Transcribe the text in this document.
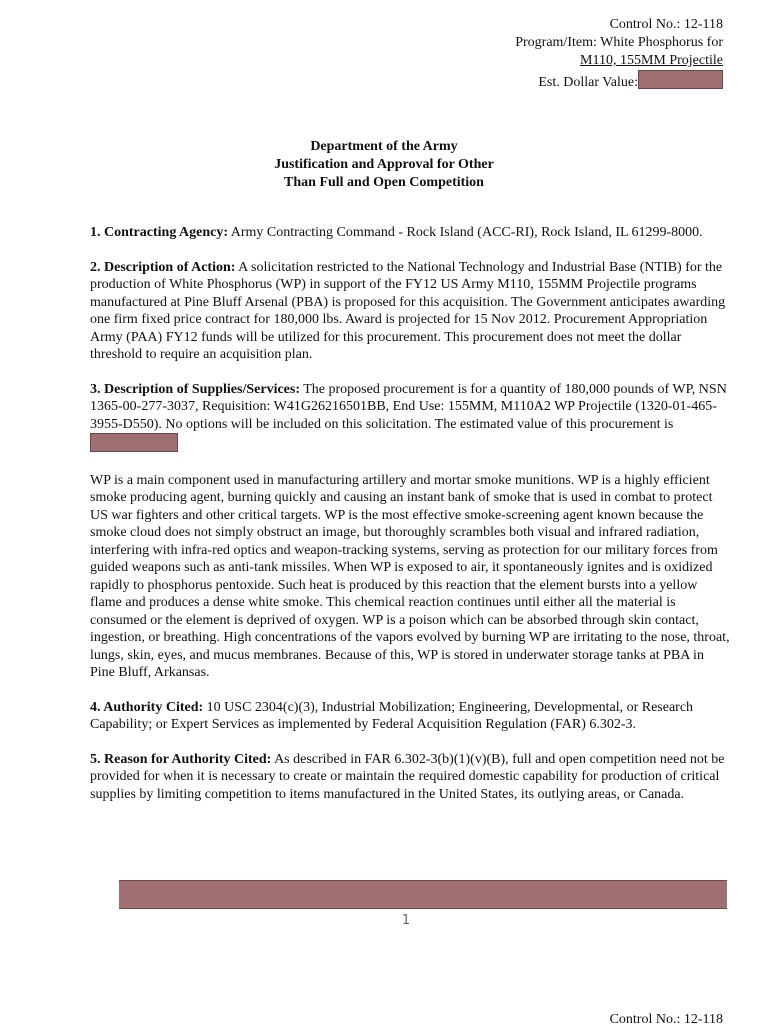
Control No.: 12-118
Program/Item: White Phosphorus for
M110, 155MM Projectile
Est. Dollar Value:
Department of the Army
Justification and Approval for Other
Than Full and Open Competition

1. Contracting Agency: Army Contracting Command - Rock Island (ACC-RI), Rock Island, IL 61299-8000.

2. Description of Action: A solicitation restricted to the National Technology and Industrial Base (NTIB) for the production of White Phosphorus (WP) in support of the FY12 US Army M110, 155MM Projectile programs manufactured at Pine Bluff Arsenal (PBA) is proposed for this acquisition. The Government anticipates awarding one firm fixed price contract for 180,000 lbs. Award is projected for 15 Nov 2012. Procurement Appropriation Army (PAA) FY12 funds will be utilized for this procurement. This procurement does not meet the dollar threshold to require an acquisition plan.

3. Description of Supplies/Services: The proposed procurement is for a quantity of 180,000 pounds of WP, NSN 1365-00-277-3037, Requisition: W41G26216501BB, End Use: 155MM, M110A2 WP Projectile (1320-01-465-3955-D550). No options will be included on this solicitation. The estimated value of this procurement is

WP is a main component used in manufacturing artillery and mortar smoke munitions. WP is a highly efficient smoke producing agent, burning quickly and causing an instant bank of smoke that is used in combat to protect US war fighters and other critical targets. WP is the most effective smoke-screening agent known because the smoke cloud does not simply obstruct an image, but thoroughly scrambles both visual and infrared radiation, interfering with infra-red optics and weapon-tracking systems, serving as protection for our military forces from guided weapons such as anti-tank missiles. When WP is exposed to air, it spontaneously ignites and is oxidized rapidly to phosphorus pentoxide. Such heat is produced by this reaction that the element bursts into a yellow flame and produces a dense white smoke. This chemical reaction continues until either all the material is consumed or the element is deprived of oxygen. WP is a poison which can be absorbed through skin contact, ingestion, or breathing. High concentrations of the vapors evolved by burning WP are irritating to the nose, throat, lungs, skin, eyes, and mucus membranes. Because of this, WP is stored in underwater storage tanks at PBA in Pine Bluff, Arkansas.

4. Authority Cited: 10 USC 2304(c)(3), Industrial Mobilization; Engineering, Developmental, or Research Capability; or Expert Services as implemented by Federal Acquisition Regulation (FAR) 6.302-3.

5. Reason for Authority Cited: As described in FAR 6.302-3(b)(1)(v)(B), full and open competition need not be provided for when it is necessary to create or maintain the required domestic capability for production of critical supplies by limiting competition to items manufactured in the United States, its outlying areas, or Canada.

1
Control No.: 12-118
